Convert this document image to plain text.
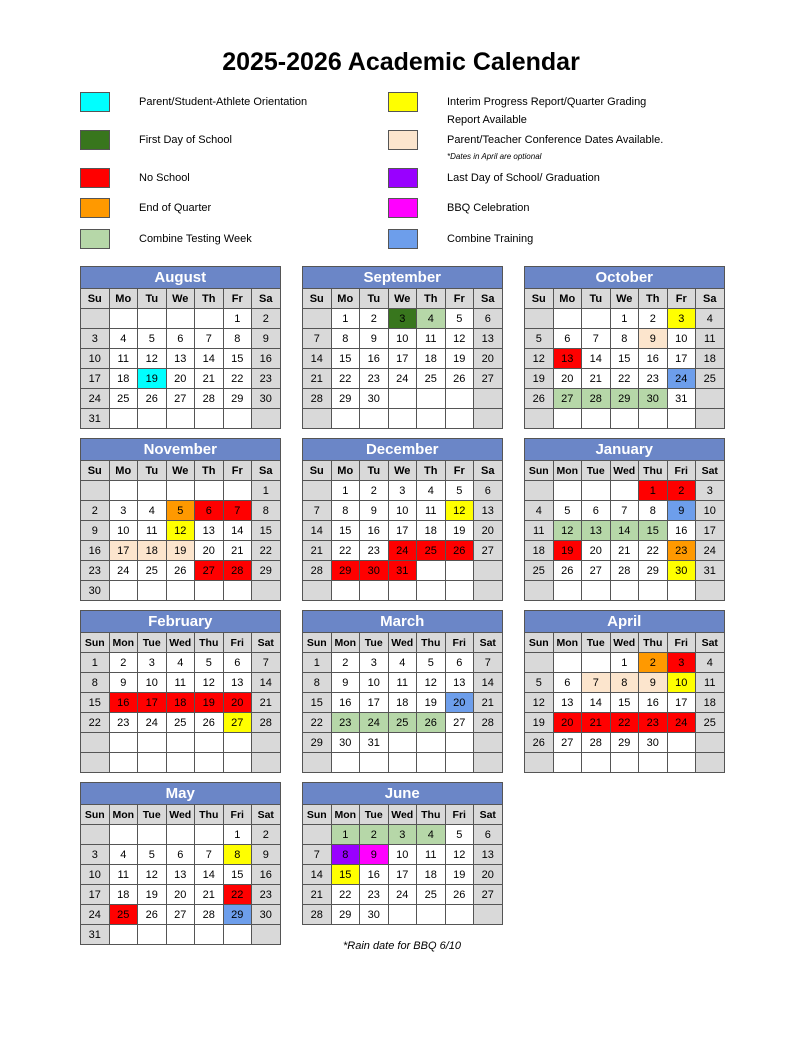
2025-2026 Academic Calendar
Parent/Student-Athlete Orientation
First Day of School
No School
End of Quarter
Combine Testing Week
Interim Progress Report/Quarter Grading
Report Available
Parent/Teacher Conference Dates Available.
*Dates in April are optional
Last Day of School/ Graduation
BBQ Celebration
Combine Training
August						
Su	Mo	Tu	We	Th	Fr	Sa
					1	2
3	4	5	6	7	8	9
10	11	12	13	14	15	16
17	18	19	20	21	22	23
24	25	26	27	28	29	30
31						
September						
Su	Mo	Tu	We	Th	Fr	Sa
	1	2	3	4	5	6
7	8	9	10	11	12	13
14	15	16	17	18	19	20
21	22	23	24	25	26	27
28	29	30				

October						
Su	Mo	Tu	We	Th	Fr	Sa
			1	2	3	4
5	6	7	8	9	10	11
12	13	14	15	16	17	18
19	20	21	22	23	24	25
26	27	28	29	30	31	

November						
Su	Mo	Tu	We	Th	Fr	Sa
						1
2	3	4	5	6	7	8
9	10	11	12	13	14	15
16	17	18	19	20	21	22
23	24	25	26	27	28	29
30						
December						
Su	Mo	Tu	We	Th	Fr	Sa
	1	2	3	4	5	6
7	8	9	10	11	12	13
14	15	16	17	18	19	20
21	22	23	24	25	26	27
28	29	30	31			

January						
Sun	Mon	Tue	Wed	Thu	Fri	Sat
				1	2	3
4	5	6	7	8	9	10
11	12	13	14	15	16	17
18	19	20	21	22	23	24
25	26	27	28	29	30	31

February						
Sun	Mon	Tue	Wed	Thu	Fri	Sat
1	2	3	4	5	6	7
8	9	10	11	12	13	14
15	16	17	18	19	20	21
22	23	24	25	26	27	28

March						
Sun	Mon	Tue	Wed	Thu	Fri	Sat
1	2	3	4	5	6	7
8	9	10	11	12	13	14
15	16	17	18	19	20	21
22	23	24	25	26	27	28
29	30	31				

April						
Sun	Mon	Tue	Wed	Thu	Fri	Sat
			1	2	3	4
5	6	7	8	9	10	11
12	13	14	15	16	17	18
19	20	21	22	23	24	25
26	27	28	29	30		

May						
Sun	Mon	Tue	Wed	Thu	Fri	Sat
					1	2
3	4	5	6	7	8	9
10	11	12	13	14	15	16
17	18	19	20	21	22	23
24	25	26	27	28	29	30
31						
June						
Sun	Mon	Tue	Wed	Thu	Fri	Sat
	1	2	3	4	5	6
7	8	9	10	11	12	13
14	15	16	17	18	19	20
21	22	23	24	25	26	27
28	29	30				
*Rain date for BBQ 6/10
